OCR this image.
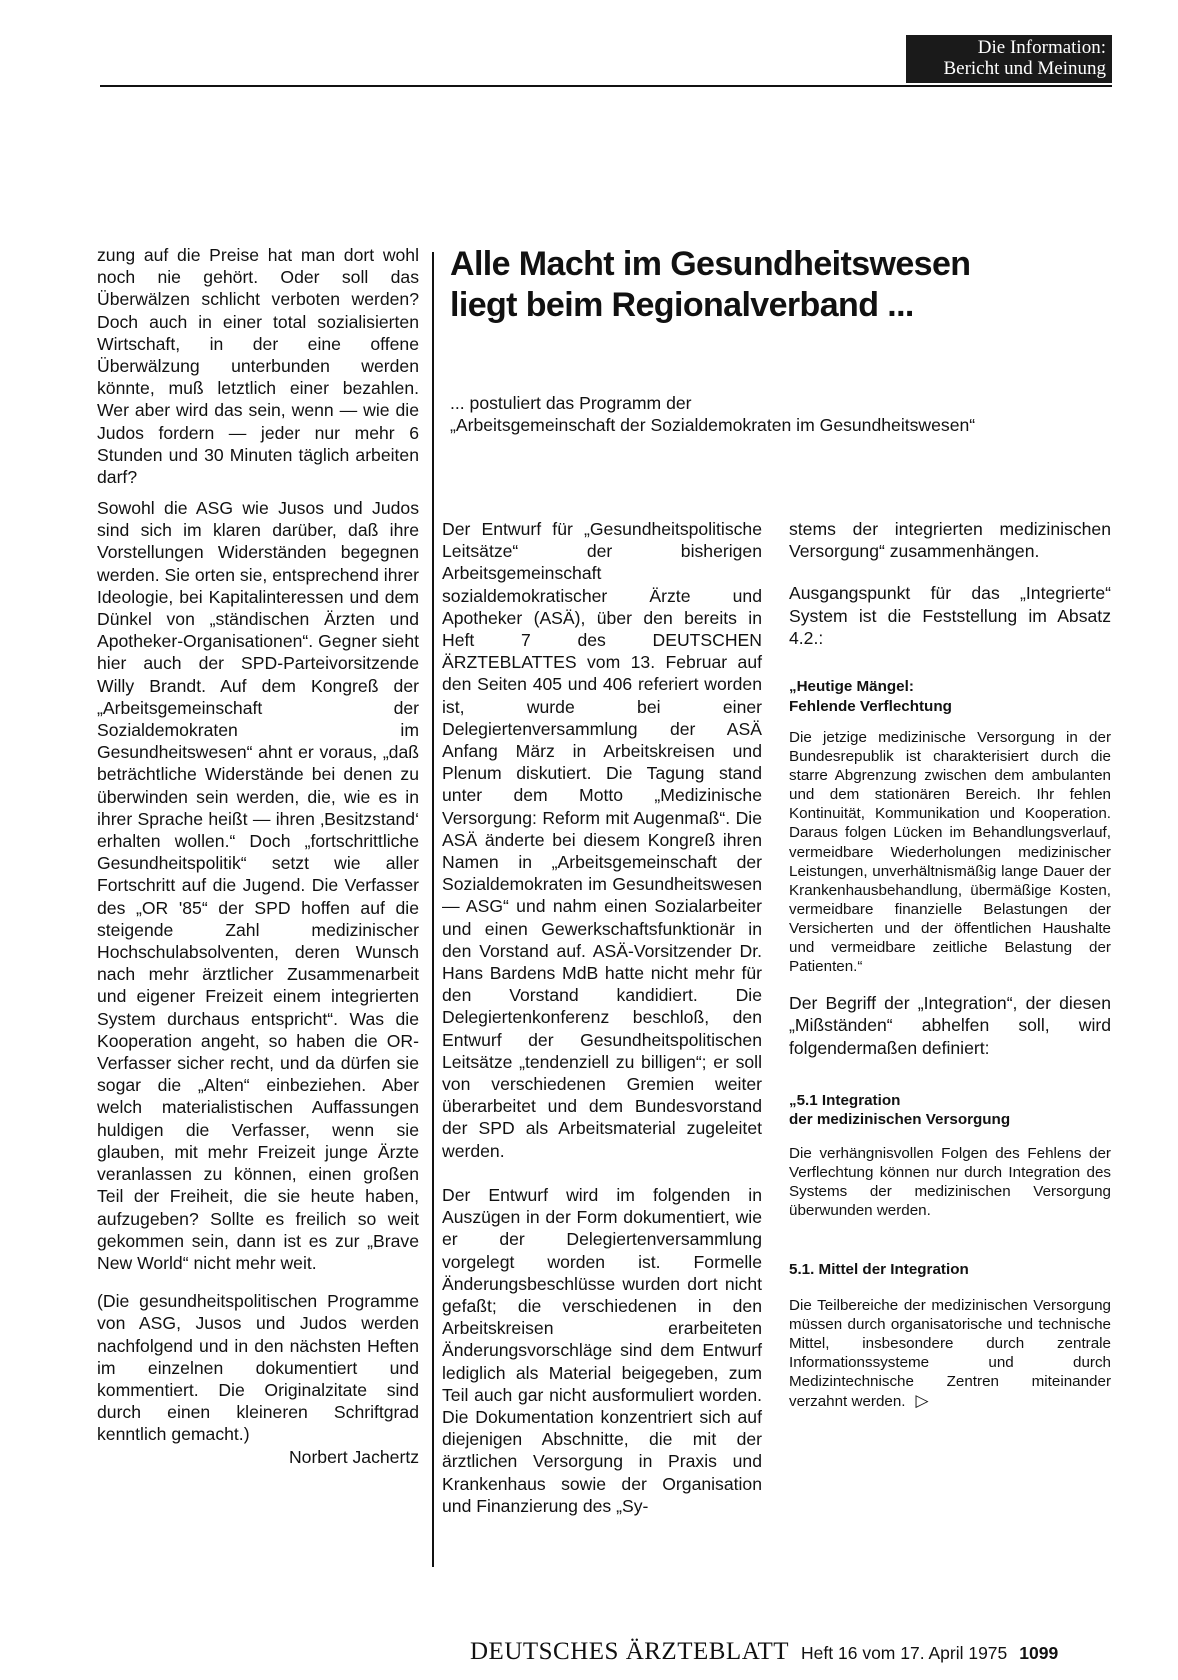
Die Information:
Bericht und Meinung
Alle Macht im Gesundheitswesen
liegt beim Regionalverband ...
... postuliert das Programm der
„Arbeitsgemeinschaft der Sozialdemokraten im Gesundheitswesen“

zung auf die Preise hat man dort wohl noch nie gehört. Oder soll das Überwälzen schlicht verboten werden? Doch auch in einer total sozialisierten Wirtschaft, in der eine offene Überwälzung unterbunden werden könnte, muß letztlich einer bezahlen. Wer aber wird das sein, wenn — wie die Judos fordern — jeder nur mehr 6 Stunden und 30 Minuten täglich arbeiten darf?

Sowohl die ASG wie Jusos und Judos sind sich im klaren darüber, daß ihre Vorstellungen Widerständen begegnen werden. Sie orten sie, entsprechend ihrer Ideologie, bei Kapitalinteressen und dem Dünkel von „ständischen Ärzten und Apotheker-Organisationen“. Gegner sieht hier auch der SPD-Parteivorsitzende Willy Brandt. Auf dem Kongreß der „Arbeitsgemeinschaft der Sozialdemokraten im Gesundheitswesen“ ahnt er voraus, „daß beträchtliche Widerstände bei denen zu überwinden sein werden, die, wie es in ihrer Sprache heißt — ihren ‚Besitzstand‘ erhalten wollen.“ Doch „fortschrittliche Gesundheitspolitik“ setzt wie aller Fortschritt auf die Jugend. Die Verfasser des „OR '85“ der SPD hoffen auf die steigende Zahl medizinischer Hochschulabsolventen, deren Wunsch nach mehr ärztlicher Zusammenarbeit und eigener Freizeit einem integrierten System durchaus entspricht“. Was die Kooperation angeht, so haben die OR-Verfasser sicher recht, und da dürfen sie sogar die „Alten“ einbeziehen. Aber welch materialistischen Auffassungen huldigen die Verfasser, wenn sie glauben, mit mehr Freizeit junge Ärzte veranlassen zu können, einen großen Teil der Freiheit, die sie heute haben, aufzugeben? Sollte es freilich so weit gekommen sein, dann ist es zur „Brave New World“ nicht mehr weit.

(Die gesundheitspolitischen Programme von ASG, Jusos und Judos werden nachfolgend und in den nächsten Heften im einzelnen dokumentiert und kommentiert. Die Originalzitate sind durch einen kleineren Schriftgrad kenntlich gemacht.)

Norbert Jachertz

Der Entwurf für „Gesundheitspolitische Leitsätze“ der bisherigen Arbeitsgemeinschaft sozialdemokratischer Ärzte und Apotheker (ASÄ), über den bereits in Heft 7 des DEUTSCHEN ÄRZTEBLATTES vom 13. Februar auf den Seiten 405 und 406 referiert worden ist, wurde bei einer Delegiertenversammlung der ASÄ Anfang März in Arbeitskreisen und Plenum diskutiert. Die Tagung stand unter dem Motto „Medizinische Versorgung: Reform mit Augenmaß“. Die ASÄ änderte bei diesem Kongreß ihren Namen in „Arbeitsgemeinschaft der Sozialdemokraten im Gesundheitswesen — ASG“ und nahm einen Sozialarbeiter und einen Gewerkschaftsfunktionär in den Vorstand auf. ASÄ-Vorsitzender Dr. Hans Bardens MdB hatte nicht mehr für den Vorstand kandidiert. Die Delegiertenkonferenz beschloß, den Entwurf der Gesundheitspolitischen Leitsätze „tendenziell zu billigen“; er soll von verschiedenen Gremien weiter überarbeitet und dem Bundesvorstand der SPD als Arbeitsmaterial zugeleitet werden.

Der Entwurf wird im folgenden in Auszügen in der Form dokumentiert, wie er der Delegiertenversammlung vorgelegt worden ist. Formelle Änderungsbeschlüsse wurden dort nicht gefaßt; die verschiedenen in den Arbeitskreisen erarbeiteten Änderungsvorschläge sind dem Entwurf lediglich als Material beigegeben, zum Teil auch gar nicht ausformuliert worden. Die Dokumentation konzentriert sich auf diejenigen Abschnitte, die mit der ärztlichen Versorgung in Praxis und Krankenhaus sowie der Organisation und Finanzierung des „Sy-

stems der integrierten medizinischen Versorgung“ zusammenhängen.

Ausgangspunkt für das „Integrierte“ System ist die Feststellung im Absatz 4.2.:

„Heutige Mängel:
Fehlende Verflechtung

Die jetzige medizinische Versorgung in der Bundesrepublik ist charakterisiert durch die starre Abgrenzung zwischen dem ambulanten und dem stationären Bereich. Ihr fehlen Kontinuität, Kommunikation und Kooperation. Daraus folgen Lücken im Behandlungsverlauf, vermeidbare Wiederholungen medizinischer Leistungen, unverhältnismäßig lange Dauer der Krankenhausbehandlung, übermäßige Kosten, vermeidbare finanzielle Belastungen der Versicherten und der öffentlichen Haushalte und vermeidbare zeitliche Belastung der Patienten.“

Der Begriff der „Integration“, der diesen „Mißständen“ abhelfen soll, wird folgendermaßen definiert:

„5.1 Integration
der medizinischen Versorgung

Die verhängnisvollen Folgen des Fehlens der Verflechtung können nur durch Integration des Systems der medizinischen Versorgung überwunden werden.

5.1. Mittel der Integration

Die Teilbereiche der medizinischen Versorgung müssen durch organisatorische und technische Mittel, insbesondere durch zentrale Informationssysteme und durch Medizintechnische Zentren miteinander verzahnt werden. ▷

DEUTSCHES ÄRZTEBLATT Heft 16 vom 17. April 1975 1099
